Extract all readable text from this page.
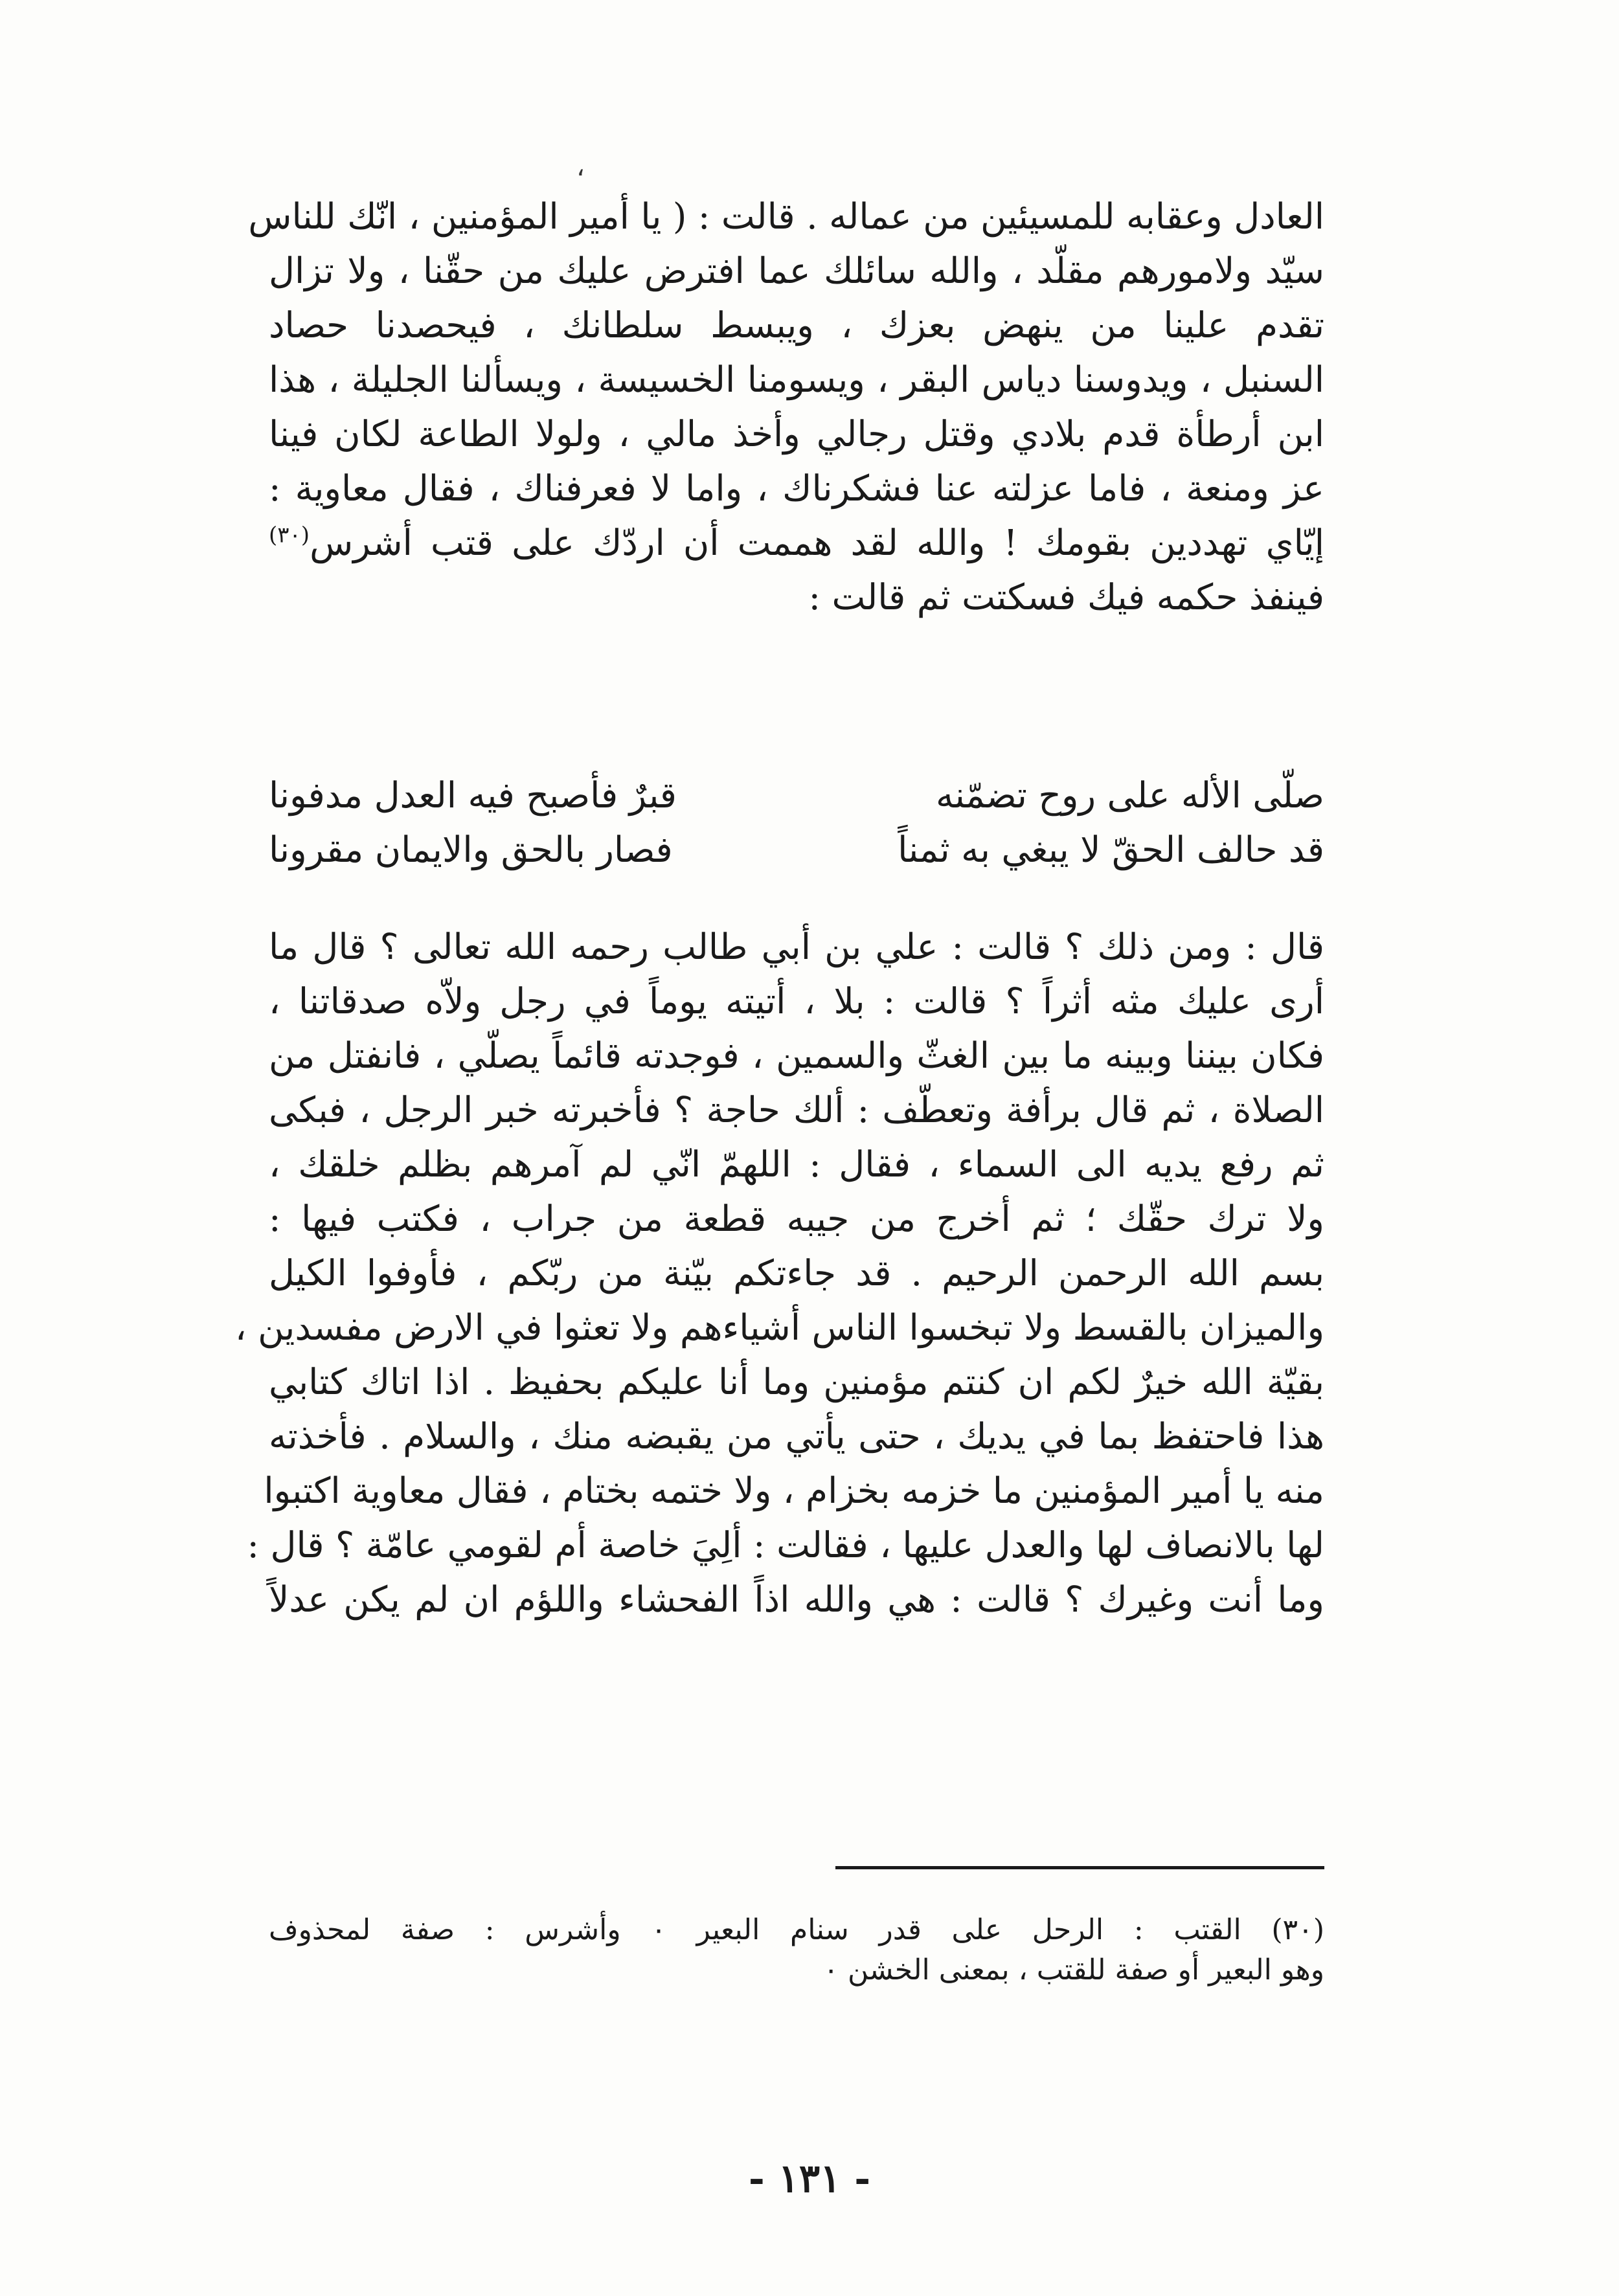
،
العادل وعقابه للمسيئين من عماله . قالت : ( يا أمير المؤمنين ، انّك للناس
سيّد ولامورهم مقلّد ، والله سائلك عما افترض عليك من حقّنا ، ولا تزال
تقدم علينا من ينهض بعزك ، ويبسط سلطانك ، فيحصدنا حصاد
السنبل ، ويدوسنا دياس البقر ، ويسومنا الخسيسة ، ويسألنا الجليلة ، هذا
ابن أرطأة قدم بلادي وقتل رجالي وأخذ مالي ، ولولا الطاعة لكان فينا
عز ومنعة ، فاما عزلته عنا فشكرناك ، واما لا فعرفناك ، فقال معاوية :
إيّاي تهددين بقومك ! والله لقد هممت أن اردّك على قتب أشرس$^{(٣٠)}$
فينفذ حكمه فيك فسكتت ثم قالت :
صلّى الأله على روح تضمّنه
قبرٌ فأصبح فيه العدل مدفونا
قد حالف الحقّ لا يبغي به ثمناً
فصار بالحق والايمان مقرونا
قال : ومن ذلك ؟ قالت : علي بن أبي طالب رحمه الله تعالى ؟ قال ما
أرى عليك مثه أثراً ؟ قالت : بلا ، أتيته يوماً في رجل ولاّه صدقاتنا ،
فكان بيننا وبينه ما بين الغثّ والسمين ، فوجدته قائماً يصلّي ، فانفتل من
الصلاة ، ثم قال برأفة وتعطّف : ألك حاجة ؟ فأخبرته خبر الرجل ، فبكى
ثم رفع يديه الى السماء ، فقال : اللهمّ انّي لم آمرهم بظلم خلقك ،
ولا ترك حقّك ؛ ثم أخرج من جيبه قطعة من جراب ، فكتب فيها :
بسم الله الرحمن الرحيم . قد جاءتكم بيّنة من ربّكم ، فأوفوا الكيل
والميزان بالقسط ولا تبخسوا الناس أشياءهم ولا تعثوا في الارض مفسدين ،
بقيّة الله خيرٌ لكم ان كنتم مؤمنين وما أنا عليكم بحفيظ . اذا اتاك كتابي
هذا فاحتفظ بما في يديك ، حتى يأتي من يقبضه منك ، والسلام . فأخذته
منه يا أمير المؤمنين ما خزمه بخزام ، ولا ختمه بختام ، فقال معاوية اكتبوا
لها بالانصاف لها والعدل عليها ، فقالت : ألِيَ خاصة أم لقومي عامّة ؟ قال :
وما أنت وغيرك ؟ قالت : هي والله اذاً الفحشاء واللؤم ان لم يكن عدلاً
(٣٠) القتب : الرحل على قدر سنام البعير ٠ وأشرس : صفة لمحذوف
وهو البعير أو صفة للقتب ، بمعنى الخشن ٠
- ١٣١ -
